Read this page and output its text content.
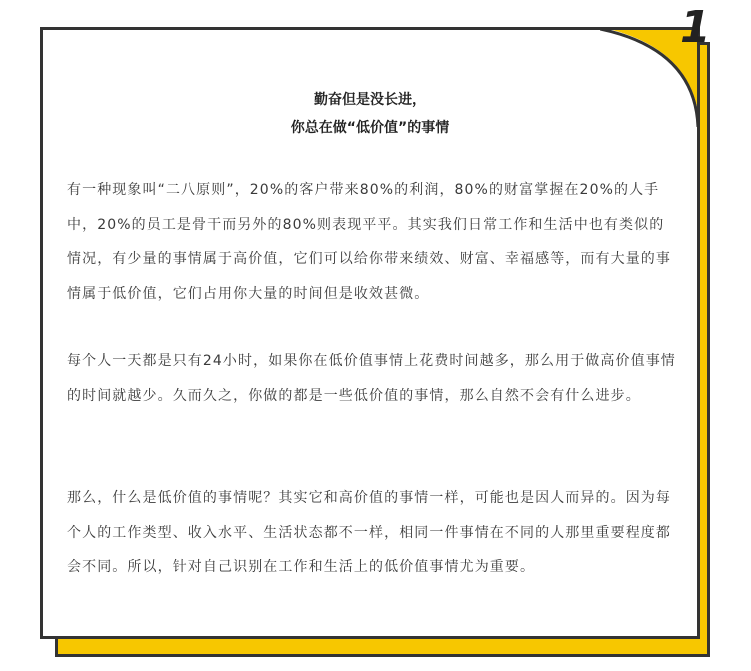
勤奋但是没长进，
你总在做“低价值”的事情

有一种现象叫“二八原则”，20%的客户带来80%的利润，80%的财富掌握在20%的人手中，20%的员工是骨干而另外的80%则表现平平。其实我们日常工作和生活中也有类似的情况，有少量的事情属于高价值，它们可以给你带来绩效、财富、幸福感等，而有大量的事情属于低价值，它们占用你大量的时间但是收效甚微。

每个人一天都是只有24小时，如果你在低价值事情上花费时间越多，那么用于做高价值事情的时间就越少。久而久之，你做的都是一些低价值的事情，那么自然不会有什么进步。

那么，什么是低价值的事情呢？其实它和高价值的事情一样，可能也是因人而异的。因为每个人的工作类型、收入水平、生活状态都不一样，相同一件事情在不同的人那里重要程度都会不同。所以，针对自己识别在工作和生活上的低价值事情尤为重要。

1
